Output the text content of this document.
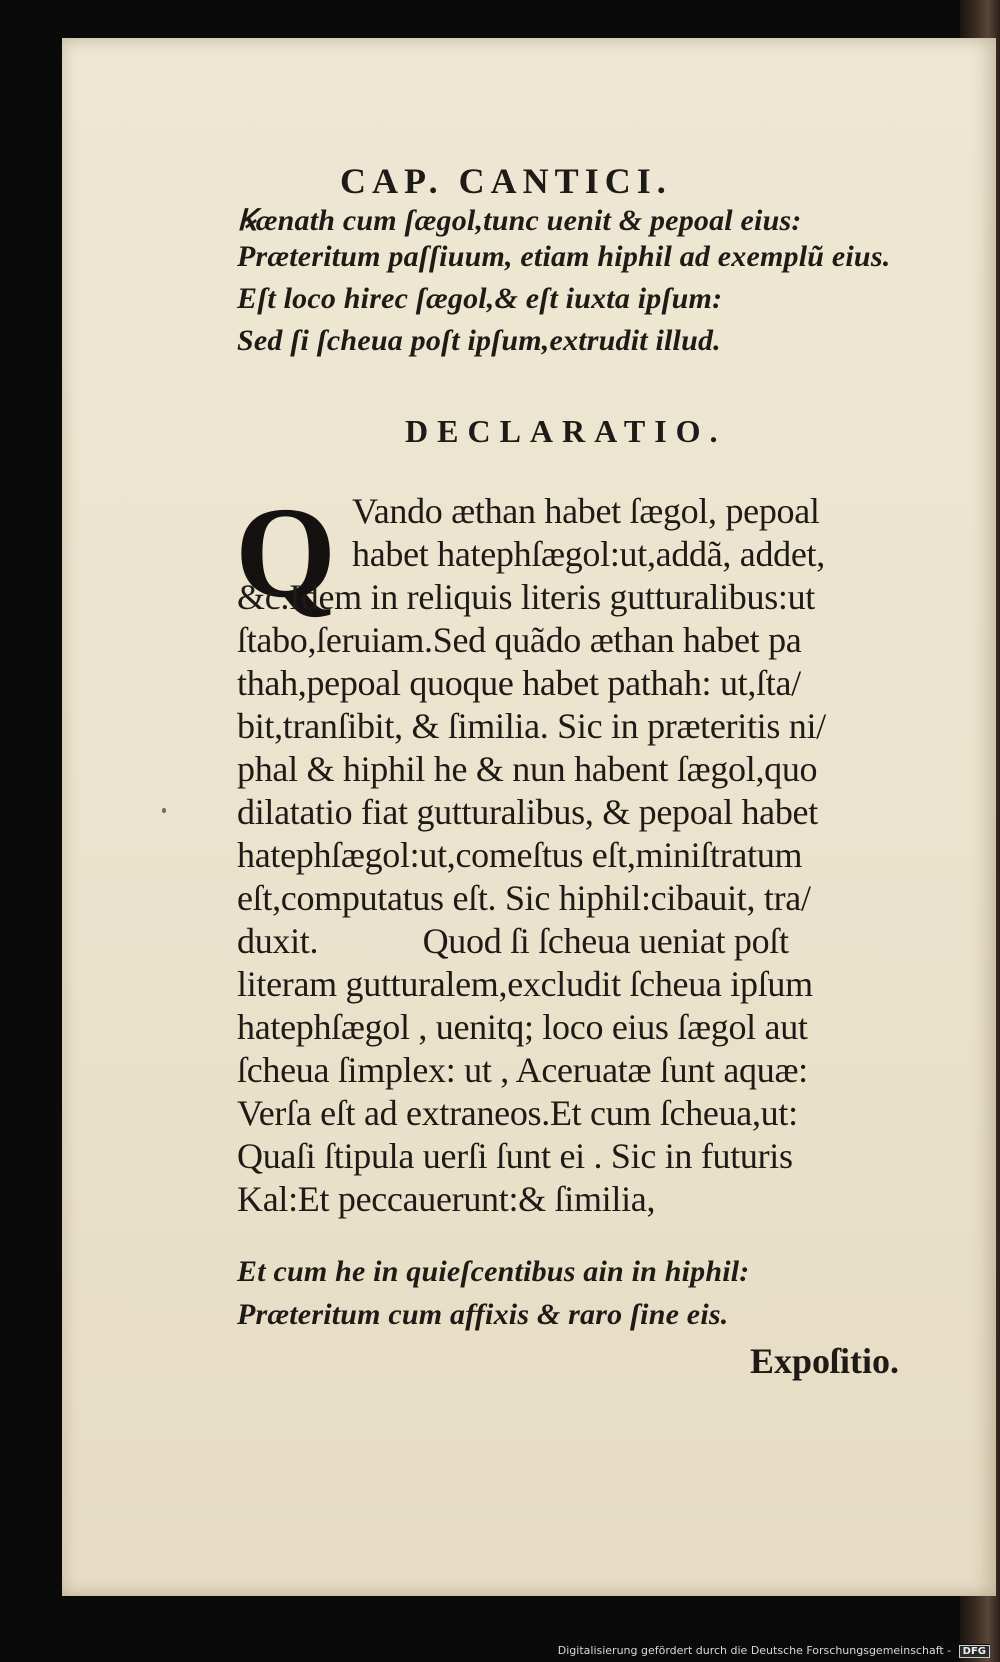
CAP. CANTICI.
Ꝃænath cum ſægol,tunc uenit & pepoal eius:
Præteritum paſſiuum, etiam hiphil ad exemplũ eius.
Eſt loco hirec ſægol,& eſt iuxta ipſum:
Sed ſi ſcheua poſt ipſum,extrudit illud.
DECLARATIO.
Q Vando æthan habet ſægol, pepoal
habet hatephſægol:ut,addã, addet,
&c.Idem in reliquis literis gutturalibus:ut
ſtabo,ſeruiam.Sed quãdo æthan habet pa
thah,pepoal quoque habet pathah: ut,ſta/
bit,tranſibit, & ſimilia. Sic in præteritis ni/
phal & hiphil he & nun habent ſægol,quo
dilatatio fiat gutturalibus, & pepoal habet
hatephſægol:ut,comeſtus eſt,miniſtratum
eſt,computatus eſt. Sic hiphil:cibauit, tra/
duxit.            Quod ſi ſcheua ueniat poſt
literam gutturalem,excludit ſcheua ipſum
hatephſægol , uenitq; loco eius ſægol aut
ſcheua ſimplex: ut , Aceruatæ ſunt aquæ:
Verſa eſt ad extraneos.Et cum ſcheua,ut:
Quaſi ſtipula uerſi ſunt ei . Sic in futuris
Kal:Et peccauerunt:& ſimilia,
Et cum he in quieſcentibus ain in hiphil:
Præteritum cum affixis & raro ſine eis.
Expoſitio.
Digitalisierung gefördert durch die Deutsche Forschungsgemeinschaft - DFG
